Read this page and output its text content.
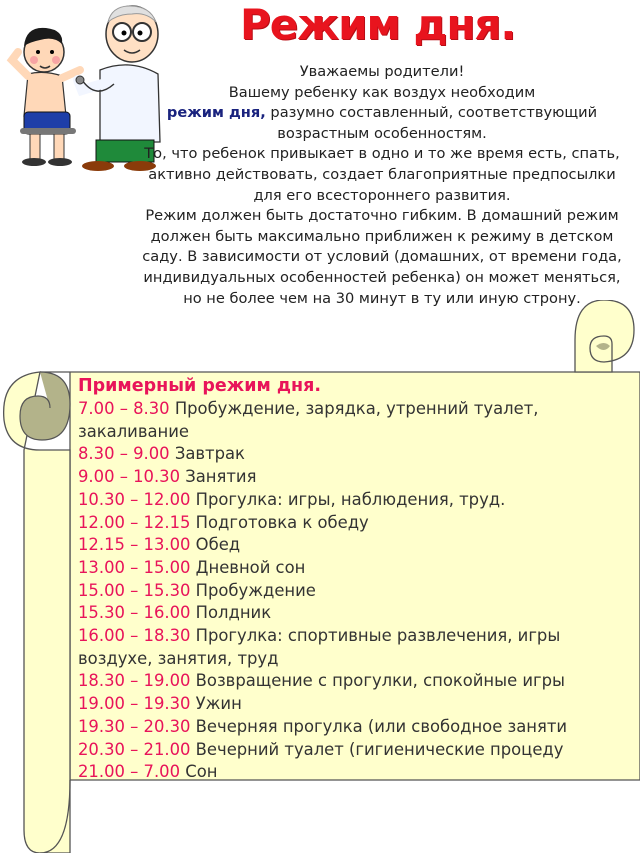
Режим дня.

Уважаемы родители!

Вашему ребенку как воздух необходим
режим дня, разумно составленный, соответствующий возрастным особенностям.

То, что ребенок привыкает в одно и то же время есть, спать, активно действовать, создает благоприятные предпосылки для его всестороннего развития.

Режим должен быть достаточно гибким. В домашний режим должен быть максимально приближен к режиму в детском саду. В зависимости от условий (домашних, от времени года, индивидуальных особенностей ребенка) он может меняться, но не более чем на 30 минут в ту или иную строну.

Примерный режим дня.
7.00 – 8.30 Пробуждение, зарядка, утренний туалет,
закаливание
8.30 – 9.00 Завтрак
9.00 – 10.30 Занятия
10.30 – 12.00 Прогулка: игры, наблюдения, труд.
12.00 – 12.15 Подготовка к обеду
12.15 – 13.00 Обед
13.00 – 15.00 Дневной сон
15.00 – 15.30 Пробуждение
15.30 – 16.00 Полдник
16.00 – 18.30 Прогулка: спортивные развлечения, игры
воздухе, занятия, труд
18.30 – 19.00 Возвращение с прогулки, спокойные игры
19.00 – 19.30 Ужин
19.30 – 20.30 Вечерняя прогулка (или свободное заняти
20.30 – 21.00 Вечерний туалет (гигиенические процеду
21.00 – 7.00 Сон
